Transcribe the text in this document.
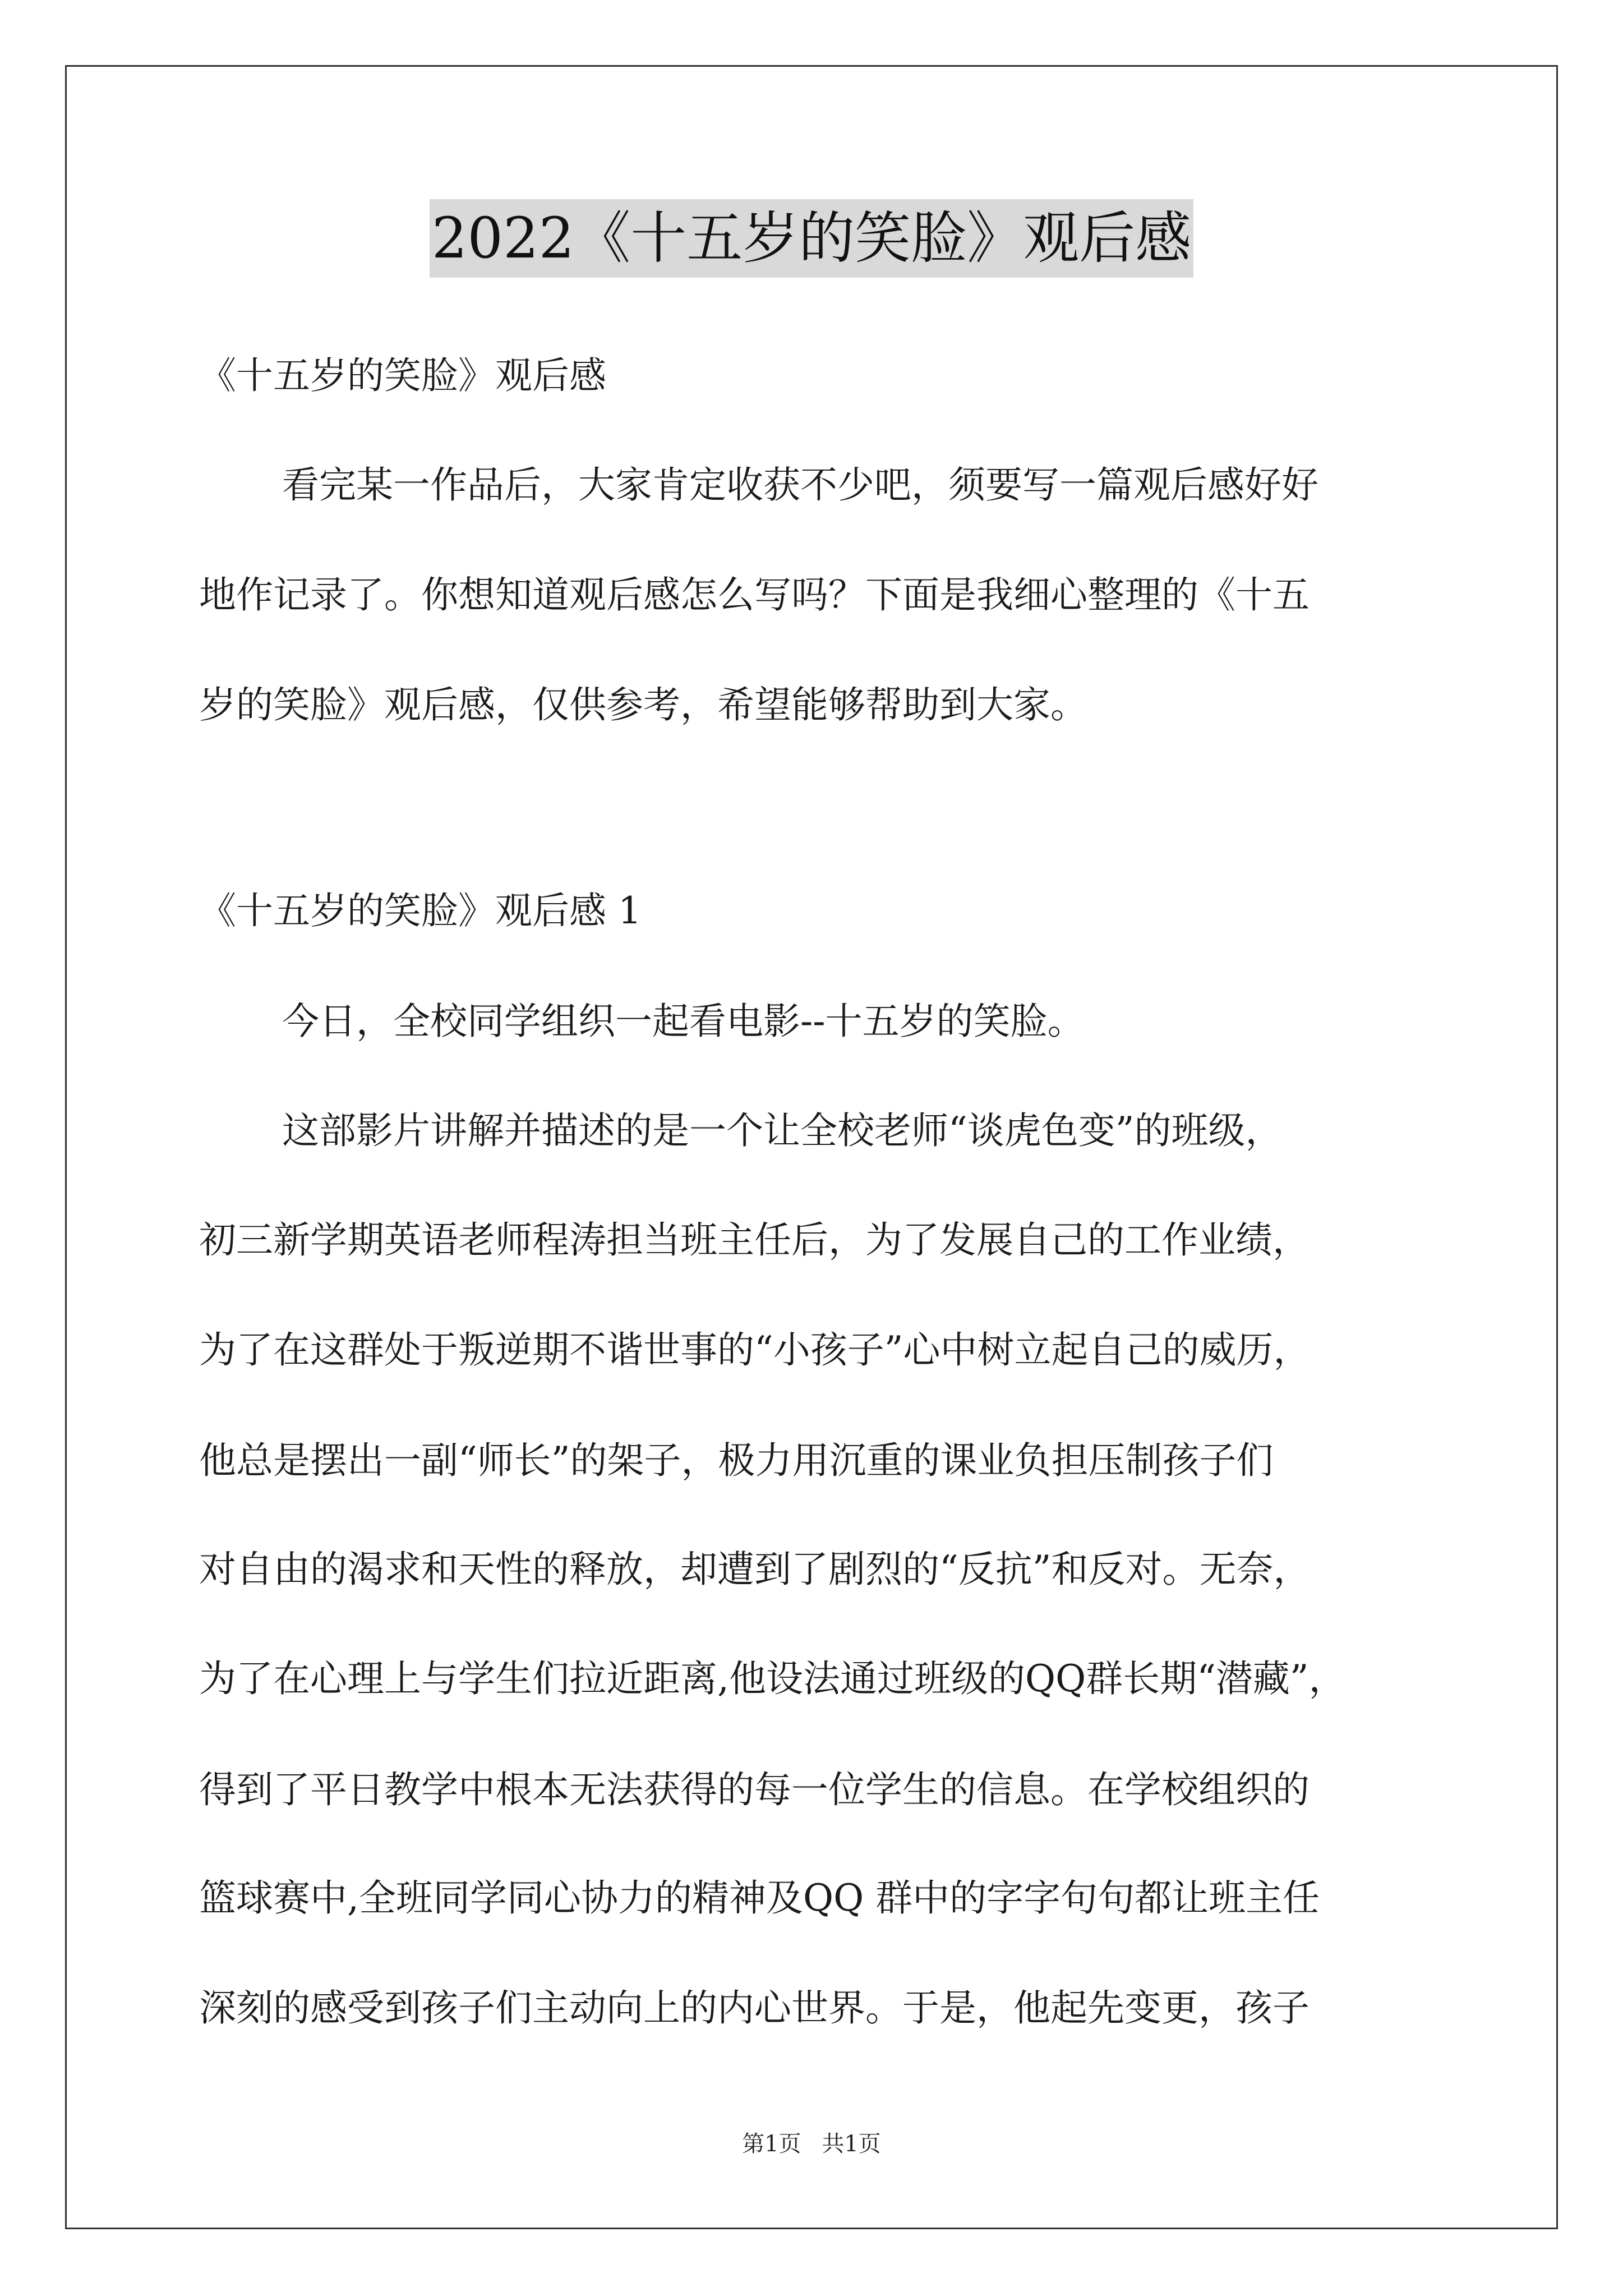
2022《十五岁的笑脸》观后感
《十五岁的笑脸》观后感
看完某一作品后，大家肯定收获不少吧，须要写一篇观后感好好
地作记录了。你想知道观后感怎么写吗？下面是我细心整理的《十五
岁的笑脸》观后感，仅供参考，希望能够帮助到大家。
《十五岁的笑脸》观后感 1
今日，全校同学组织一起看电影--十五岁的笑脸。
这部影片讲解并描述的是一个让全校老师“谈虎色变”的班级，
初三新学期英语老师程涛担当班主任后，为了发展自己的工作业绩，
为了在这群处于叛逆期不谐世事的“小孩子”心中树立起自己的威历，
他总是摆出一副“师长”的架子，极力用沉重的课业负担压制孩子们
对自由的渴求和天性的释放，却遭到了剧烈的“反抗”和反对。无奈，
为了在心理上与学生们拉近距离,他设法通过班级的QQ群长期“潜藏”，
得到了平日教学中根本无法获得的每一位学生的信息。在学校组织的
篮球赛中,全班同学同心协力的精神及QQ 群中的字字句句都让班主任
深刻的感受到孩子们主动向上的内心世界。于是，他起先变更，孩子
第1页 共1页
